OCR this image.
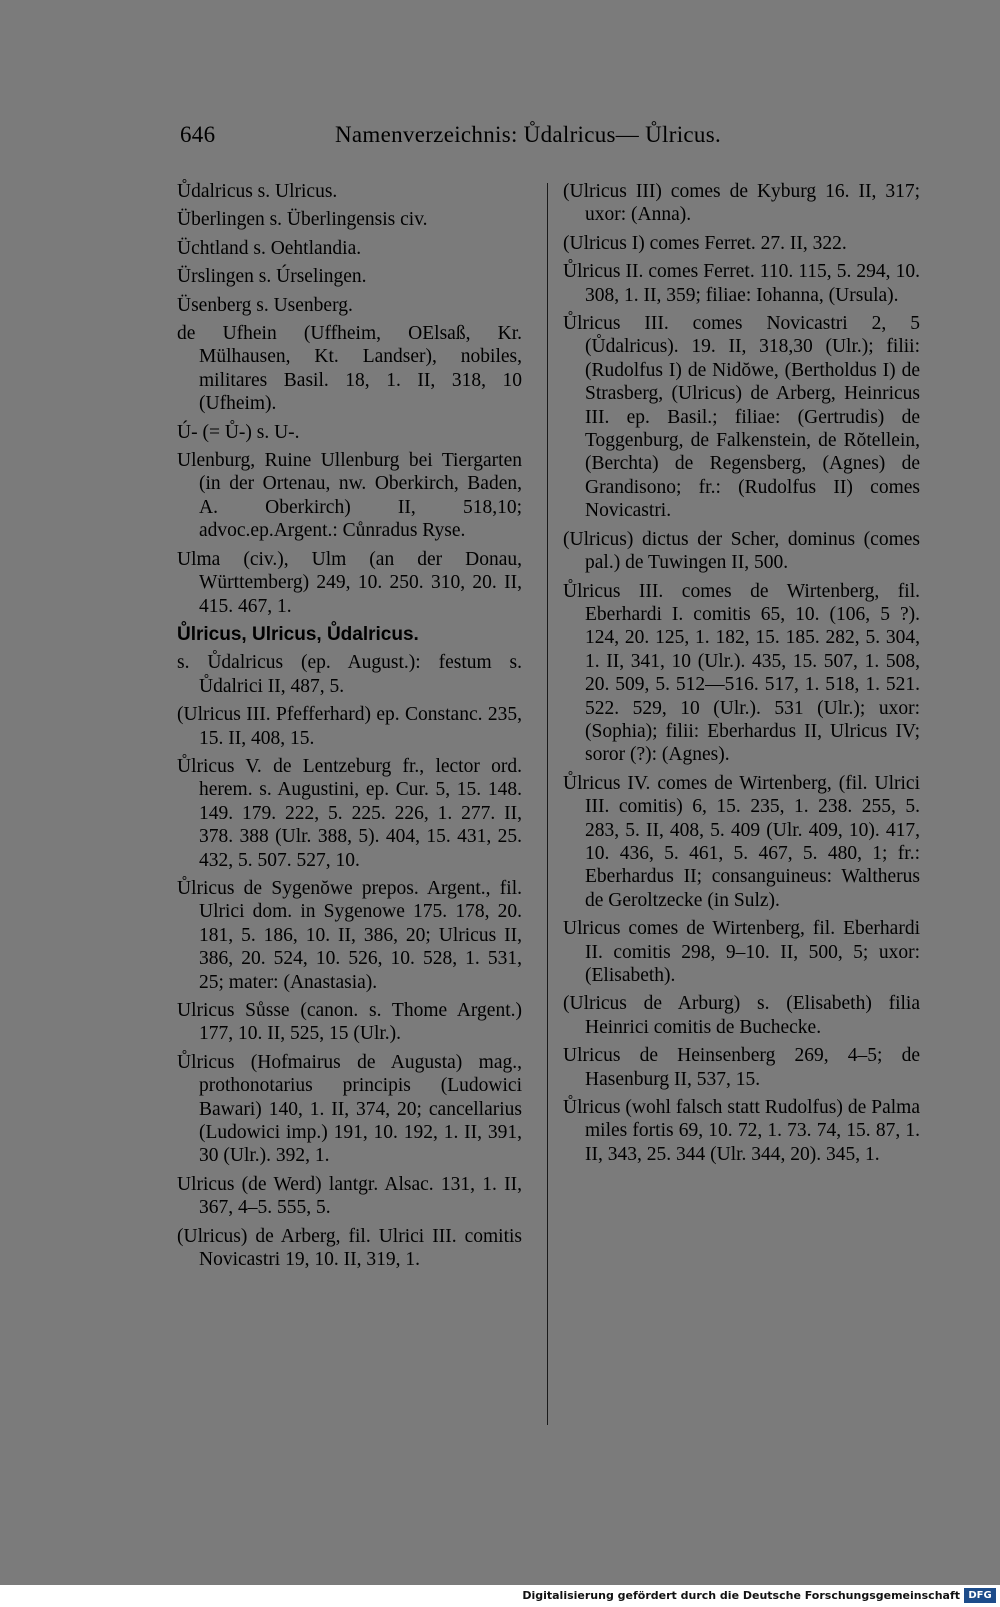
646	Namenverzeichnis: Ůdalricus— Ůlricus.

Ůdalricus s. Ulricus.

Überlingen s. Überlingensis civ.

Üchtland s. Oehtlandia.

Ürslingen s. Úrselingen.

Üsenberg s. Usenberg.

de Ufhein (Uffheim, OElsaß, Kr. Mülhausen, Kt. Landser), nobiles, militares Basil. 18, 1. II, 318, 10 (Ufheim).

Ú- (= Ů-) s. U-.

Ulenburg, Ruine Ullenburg bei Tiergarten (in der Ortenau, nw. Oberkirch, Baden, A. Oberkirch) II, 518,10; advoc.ep.Argent.: Cůnradus Ryse.

Ulma (civ.), Ulm (an der Donau, Württemberg) 249, 10. 250. 310, 20. II, 415. 467, 1.

Ůlricus, Ulricus, Ůdalricus.

s. Ůdalricus (ep. August.): festum s. Ůdalrici II, 487, 5.

(Ulricus III. Pfefferhard) ep. Constanc. 235, 15. II, 408, 15.

Ůlricus V. de Lentzeburg fr., lector ord. herem. s. Augustini, ep. Cur. 5, 15. 148. 149. 179. 222, 5. 225. 226, 1. 277. II, 378. 388 (Ulr. 388, 5). 404, 15. 431, 25. 432, 5. 507. 527, 10.

Ůlricus de Sygenŏwe prepos. Argent., fil. Ulrici dom. in Sygenowe 175. 178, 20. 181, 5. 186, 10. II, 386, 20; Ulricus II, 386, 20. 524, 10. 526, 10. 528, 1. 531, 25; mater: (Anastasia).

Ulricus Sůsse (canon. s. Thome Argent.) 177, 10. II, 525, 15 (Ulr.).

Ůlricus (Hofmairus de Augusta) mag., prothonotarius principis (Ludowici Bawari) 140, 1. II, 374, 20; cancellarius (Ludowici imp.) 191, 10. 192, 1. II, 391, 30 (Ulr.). 392, 1.

Ulricus (de Werd) lantgr. Alsac. 131, 1. II, 367, 4–5. 555, 5.

(Ulricus) de Arberg, fil. Ulrici III. comitis Novicastri 19, 10. II, 319, 1.

(Ulricus III) comes de Kyburg 16. II, 317; uxor: (Anna).

(Ulricus I) comes Ferret. 27. II, 322.

Ůlricus II. comes Ferret. 110. 115, 5. 294, 10. 308, 1. II, 359; filiae: Iohanna, (Ursula).

Ůlricus III. comes Novicastri 2, 5 (Ůdalricus). 19. II, 318,30 (Ulr.); filii: (Rudolfus I) de Nidŏwe, (Bertholdus I) de Strasberg, (Ulricus) de Arberg, Heinricus III. ep. Basil.; filiae: (Gertrudis) de Toggenburg, de Falkenstein, de Rŏtellein, (Berchta) de Regensberg, (Agnes) de Grandisono; fr.: (Rudolfus II) comes Novicastri.

(Ulricus) dictus der Scher, dominus (comes pal.) de Tuwingen II, 500.

Ůlricus III. comes de Wirtenberg, fil. Eberhardi I. comitis 65, 10. (106, 5 ?). 124, 20. 125, 1. 182, 15. 185. 282, 5. 304, 1. II, 341, 10 (Ulr.). 435, 15. 507, 1. 508, 20. 509, 5. 512—516. 517, 1. 518, 1. 521. 522. 529, 10 (Ulr.). 531 (Ulr.); uxor: (Sophia); filii: Eberhardus II, Ulricus IV; soror (?): (Agnes).

Ůlricus IV. comes de Wirtenberg, (fil. Ulrici III. comitis) 6, 15. 235, 1. 238. 255, 5. 283, 5. II, 408, 5. 409 (Ulr. 409, 10). 417, 10. 436, 5. 461, 5. 467, 5. 480, 1; fr.: Eberhardus II; consanguineus: Waltherus de Geroltzecke (in Sulz).

Ulricus comes de Wirtenberg, fil. Eberhardi II. comitis 298, 9–10. II, 500, 5; uxor: (Elisabeth).

(Ulricus de Arburg) s. (Elisabeth) filia Heinrici comitis de Buchecke.

Ulricus de Heinsenberg 269, 4–5; de Hasenburg II, 537, 15.

Ůlricus (wohl falsch statt Rudolfus) de Palma miles fortis 69, 10. 72, 1. 73. 74, 15. 87, 1. II, 343, 25. 344 (Ulr. 344, 20). 345, 1.

Digitalisierung gefördert durch die Deutsche Forschungsgemeinschaft DFG
